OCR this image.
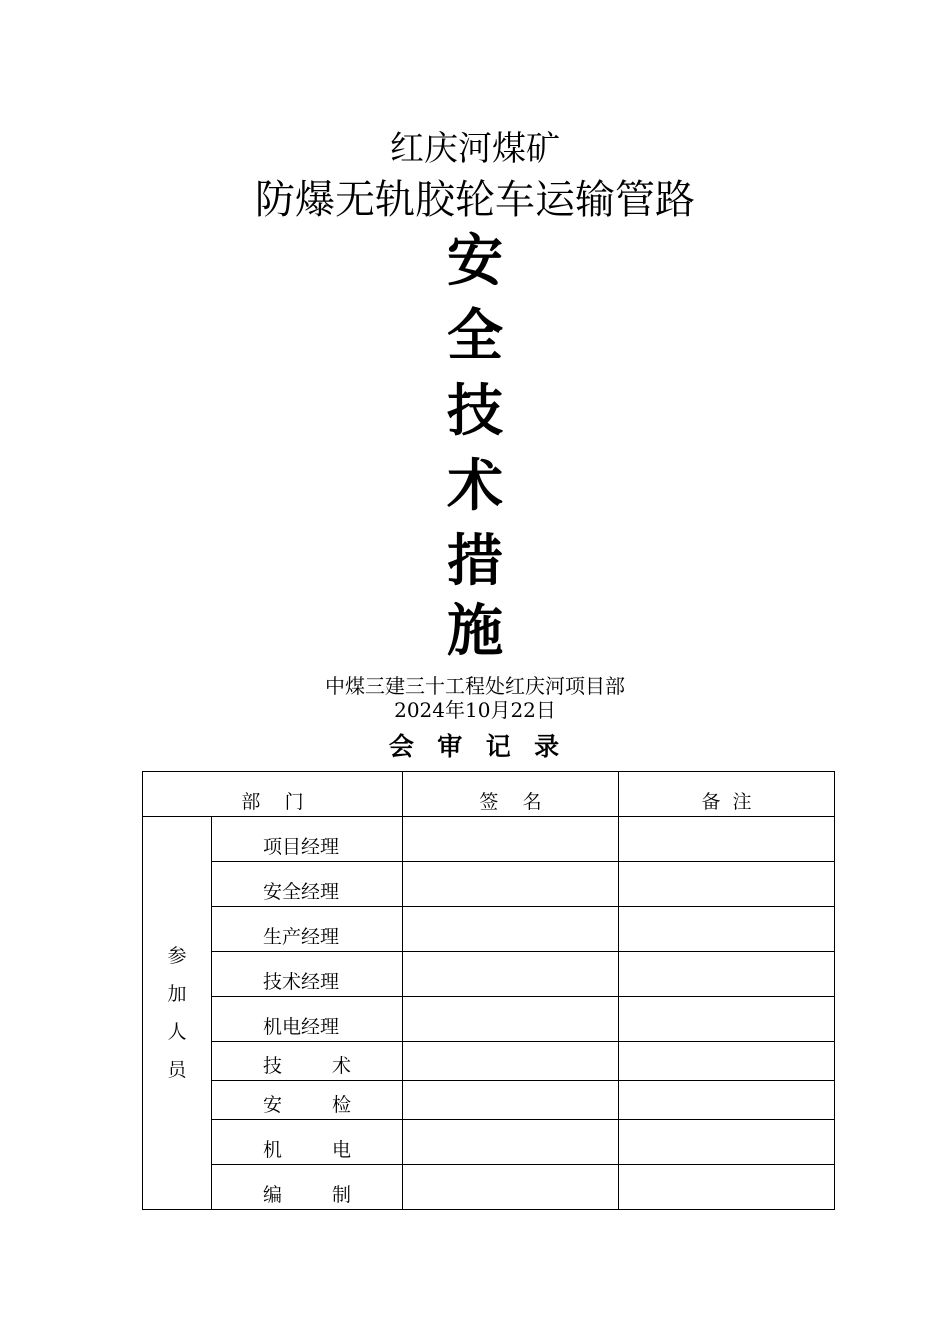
红庆河煤矿
防爆无轨胶轮车运输管路
安
全
技
术
措
施
中煤三建三十工程处红庆河项目部
2024年10月22日
会  审  记  录
部    门		签    名	备  注

参
加
人
员	项目经理		
	安全经理		
	生产经理		
	技术经理		
	机电经理		
	技术		
	安检		
	机电		
	编制		
